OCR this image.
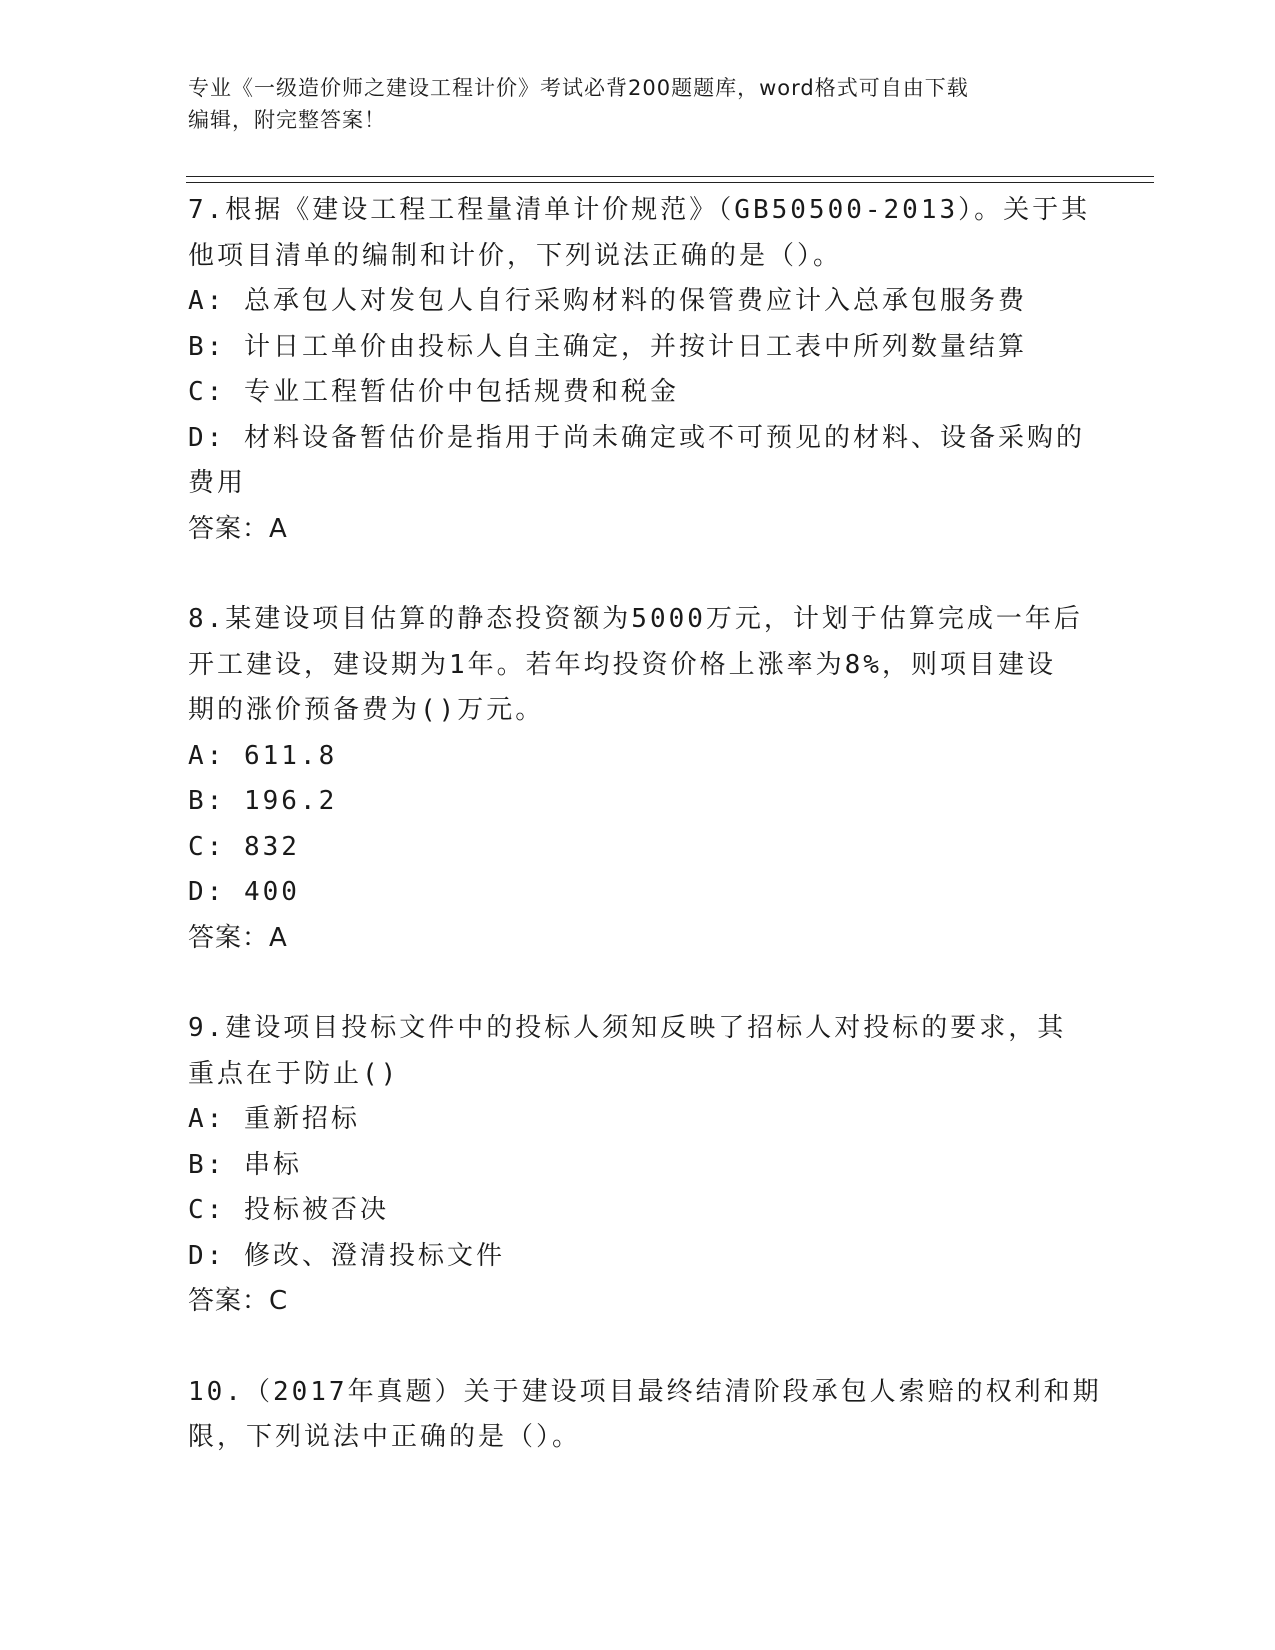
专业《一级造价师之建设工程计价》考试必背200题题库，word格式可自由下载
编辑，附完整答案！
7.根据《建设工程工程量清单计价规范》（GB50500-2013）。关于其
他项目清单的编制和计价，下列说法正确的是（）。
A: 总承包人对发包人自行采购材料的保管费应计入总承包服务费
B: 计日工单价由投标人自主确定，并按计日工表中所列数量结算
C: 专业工程暂估价中包括规费和税金
D: 材料设备暂估价是指用于尚未确定或不可预见的材料、设备采购的
费用
答案：A
8.某建设项目估算的静态投资额为5000万元，计划于估算完成一年后
开工建设，建设期为1年。若年均投资价格上涨率为8%，则项目建设
期的涨价预备费为()万元。
A: 611.8
B: 196.2
C: 832
D: 400
答案：A
9.建设项目投标文件中的投标人须知反映了招标人对投标的要求，其
重点在于防止()
A: 重新招标
B: 串标
C: 投标被否决
D: 修改、澄清投标文件
答案：C
10.（2017年真题）关于建设项目最终结清阶段承包人索赔的权利和期
限，下列说法中正确的是（）。
